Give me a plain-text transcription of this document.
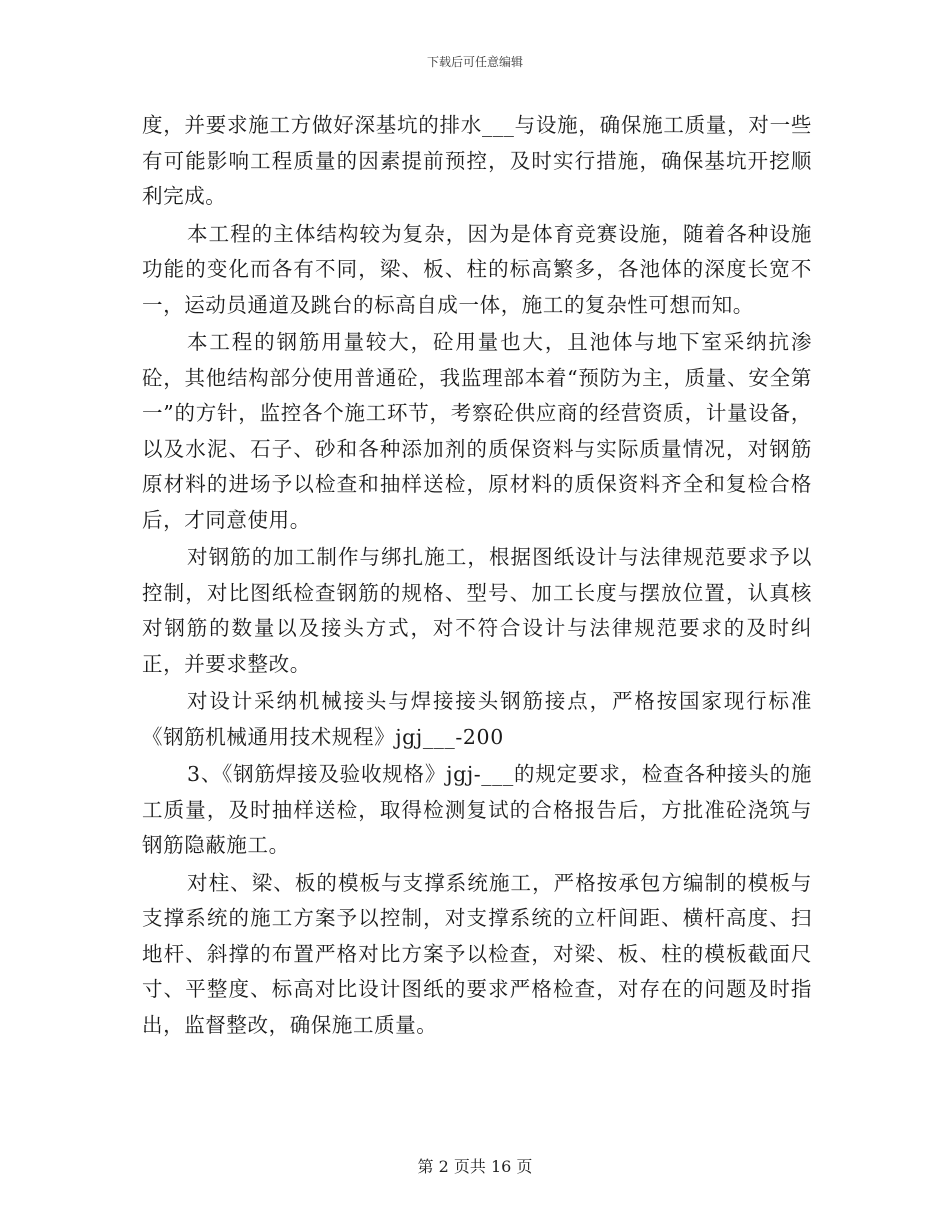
下载后可任意编辑

度，并要求施工方做好深基坑的排水___与设施，确保施工质量，对一些有可能影响工程质量的因素提前预控，及时实行措施，确保基坑开挖顺利完成。

本工程的主体结构较为复杂，因为是体育竞赛设施，随着各种设施功能的变化而各有不同，梁、板、柱的标高繁多，各池体的深度长宽不一，运动员通道及跳台的标高自成一体，施工的复杂性可想而知。

本工程的钢筋用量较大，砼用量也大，且池体与地下室采纳抗渗砼，其他结构部分使用普通砼，我监理部本着“预防为主，质量、安全第一”的方针，监控各个施工环节，考察砼供应商的经营资质，计量设备，以及水泥、石子、砂和各种添加剂的质保资料与实际质量情况，对钢筋原材料的进场予以检查和抽样送检，原材料的质保资料齐全和复检合格后，才同意使用。

对钢筋的加工制作与绑扎施工，根据图纸设计与法律规范要求予以控制，对比图纸检查钢筋的规格、型号、加工长度与摆放位置，认真核对钢筋的数量以及接头方式，对不符合设计与法律规范要求的及时纠正，并要求整改。

对设计采纳机械接头与焊接接头钢筋接点，严格按国家现行标准《钢筋机械通用技术规程》jgj___-200

3、《钢筋焊接及验收规格》jgj-___的规定要求，检查各种接头的施工质量，及时抽样送检，取得检测复试的合格报告后，方批准砼浇筑与钢筋隐蔽施工。

对柱、梁、板的模板与支撑系统施工，严格按承包方编制的模板与支撑系统的施工方案予以控制，对支撑系统的立杆间距、横杆高度、扫地杆、斜撑的布置严格对比方案予以检查，对梁、板、柱的模板截面尺寸、平整度、标高对比设计图纸的要求严格检查，对存在的问题及时指出，监督整改，确保施工质量。

第 2 页共 16 页
